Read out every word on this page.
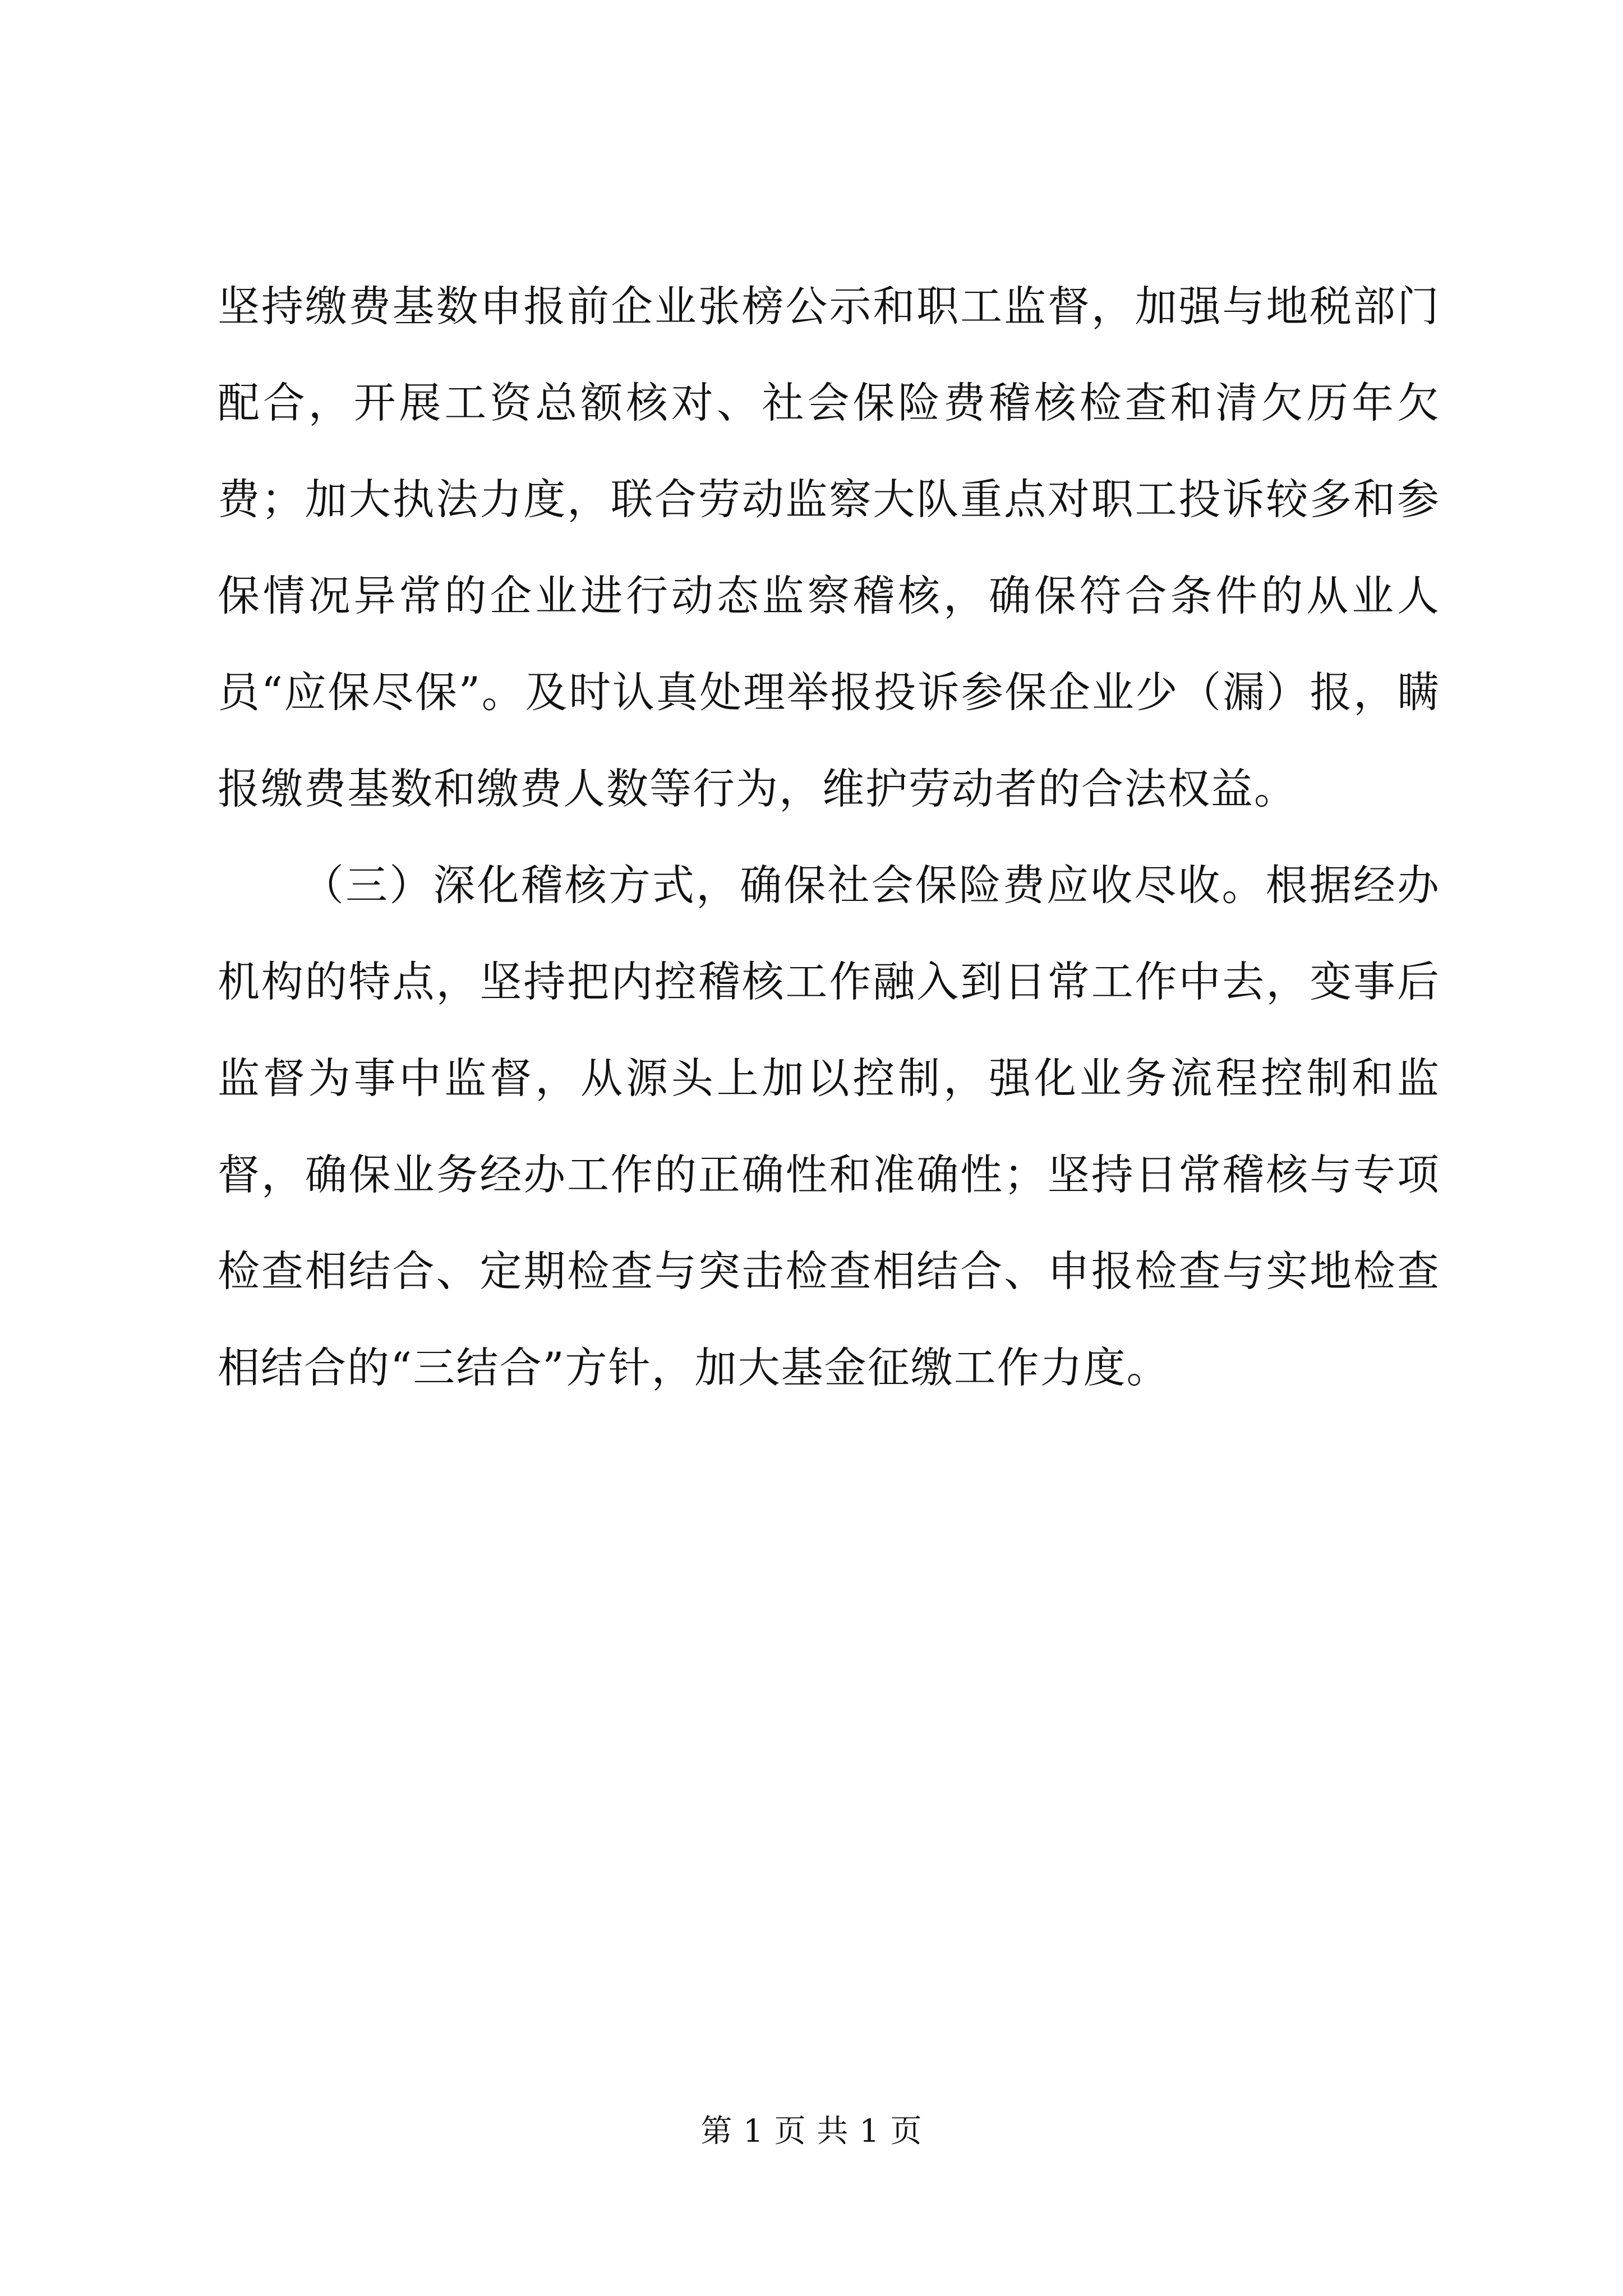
坚持缴费基数申报前企业张榜公示和职工监督，加强与地税部门配合，开展工资总额核对、社会保险费稽核检查和清欠历年欠费；加大执法力度，联合劳动监察大队重点对职工投诉较多和参保情况异常的企业进行动态监察稽核，确保符合条件的从业人员“应保尽保”。及时认真处理举报投诉参保企业少（漏）报，瞒报缴费基数和缴费人数等行为，维护劳动者的合法权益。

（三）深化稽核方式，确保社会保险费应收尽收。根据经办机构的特点，坚持把内控稽核工作融入到日常工作中去，变事后监督为事中监督，从源头上加以控制，强化业务流程控制和监督，确保业务经办工作的正确性和准确性；坚持日常稽核与专项检查相结合、定期检查与突击检查相结合、申报检查与实地检查相结合的“三结合”方针，加大基金征缴工作力度。

第 1 页 共 1 页
